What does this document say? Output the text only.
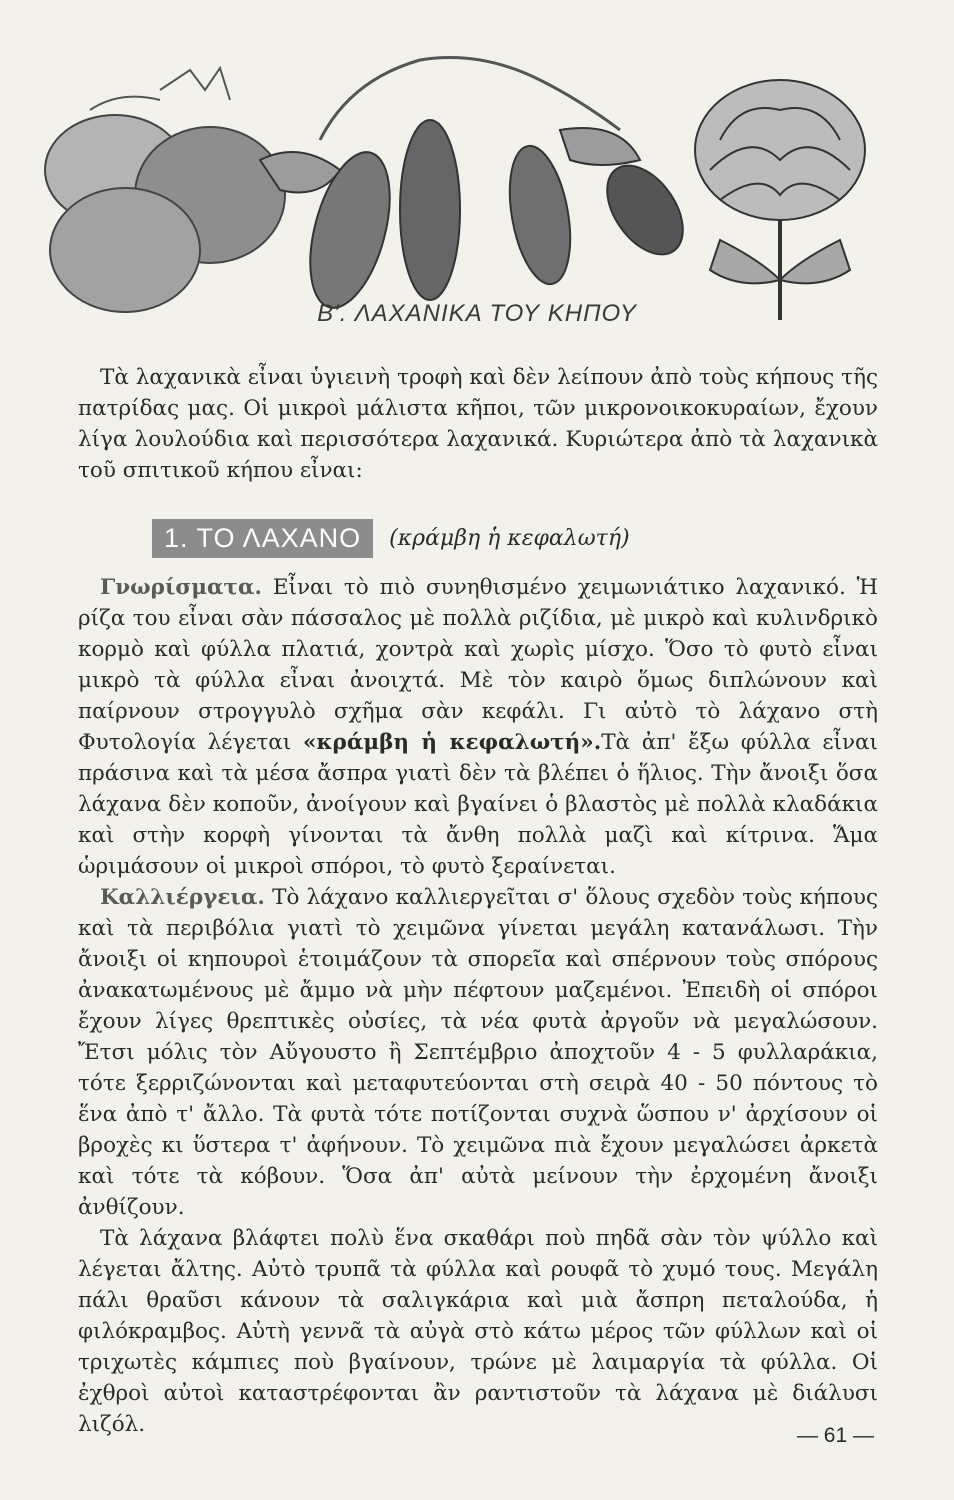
Β'. ΛΑΧΑΝΙΚΑ ΤΟΥ ΚΗΠΟΥ

Τὰ λαχανικὰ εἶναι ὑγιεινὴ τροφὴ καὶ δὲν λείπουν ἀπὸ τοὺς κήπους τῆς πατρίδας μας. Οἱ μικροὶ μάλιστα κῆποι, τῶν μικρονοικοκυραίων, ἔχουν λίγα λουλούδια καὶ περισσότερα λαχανικά. Κυριώτερα ἀπὸ τὰ λαχανικὰ τοῦ σπιτικοῦ κήπου εἶναι:

1. ΤΟ ΛΑΧΑΝΟ	(κράμβη ἡ κεφαλωτή)

Γνωρίσματα. Εἶναι τὸ πιὸ συνηθισμένο χειμωνιάτικο λαχανικό. Ἡ ρίζα του εἶναι σὰν πάσσαλος μὲ πολλὰ ριζίδια, μὲ μικρὸ καὶ κυλινδρικὸ κορμὸ καὶ φύλλα πλατιά, χοντρὰ καὶ χωρὶς μίσχο. Ὅσο τὸ φυτὸ εἶναι μικρὸ τὰ φύλλα εἶναι ἀνοιχτά. Μὲ τὸν καιρὸ ὅμως διπλώνουν καὶ παίρνουν στρογγυλὸ σχῆμα σὰν κεφάλι. Γι αὐτὸ τὸ λάχανο στὴ Φυτολογία λέγεται «κράμβη ἡ κεφαλωτή».Τὰ ἀπ' ἔξω φύλλα εἶναι πράσινα καὶ τὰ μέσα ἄσπρα γιατὶ δὲν τὰ βλέπει ὁ ἥλιος. Τὴν ἄνοιξι ὅσα λάχανα δὲν κοποῦν, ἀνοίγουν καὶ βγαίνει ὁ βλαστὸς μὲ πολλὰ κλαδάκια καὶ στὴν κορφὴ γίνονται τὰ ἄνθη πολλὰ μαζὶ καὶ κίτρινα. Ἅμα ὡριμάσουν οἱ μικροὶ σπόροι, τὸ φυτὸ ξεραίνεται.

Καλλιέργεια. Τὸ λάχανο καλλιεργεῖται σ' ὅλους σχεδὸν τοὺς κήπους καὶ τὰ περιβόλια γιατὶ τὸ χειμῶνα γίνεται μεγάλη κατανάλωσι. Τὴν ἄνοιξι οἱ κηπουροὶ ἑτοιμάζουν τὰ σπορεῖα καὶ σπέρνουν τοὺς σπόρους ἀνακατωμένους μὲ ἄμμο νὰ μὴν πέφτουν μαζεμένοι. Ἐπειδὴ οἱ σπόροι ἔχουν λίγες θρεπτικὲς οὐσίες, τὰ νέα φυτὰ ἀργοῦν νὰ μεγαλώσουν. Ἔτσι μόλις τὸν Αὔγουστο ἢ Σεπτέμβριο ἀποχτοῦν 4 - 5 φυλλαράκια, τότε ξερριζώνονται καὶ μεταφυτεύονται στὴ σειρὰ 40 - 50 πόντους τὸ ἕνα ἀπὸ τ' ἄλλο. Τὰ φυτὰ τότε ποτίζονται συχνὰ ὥσπου ν' ἀρχίσουν οἱ βροχὲς κι ὕστερα τ' ἀφήνουν. Τὸ χειμῶνα πιὰ ἔχουν μεγαλώσει ἀρκετὰ καὶ τότε τὰ κόβουν. Ὅσα ἀπ' αὐτὰ μείνουν τὴν ἐρχομένη ἄνοιξι ἀνθίζουν.

Τὰ λάχανα βλάφτει πολὺ ἕνα σκαθάρι ποὺ πηδᾶ σὰν τὸν ψύλλο καὶ λέγεται ἄλτης. Αὐτὸ τρυπᾶ τὰ φύλλα καὶ ρουφᾶ τὸ χυμό τους. Μεγάλη πάλι θραῦσι κάνουν τὰ σαλιγκάρια καὶ μιὰ ἄσπρη πεταλούδα, ἡ φιλόκραμβος. Αὐτὴ γεννᾶ τὰ αὐγὰ στὸ κάτω μέρος τῶν φύλλων καὶ οἱ τριχωτὲς κάμπιες ποὺ βγαίνουν, τρώνε μὲ λαιμαργία τὰ φύλλα. Οἱ ἐχθροὶ αὐτοὶ καταστρέφονται ἂν ραντιστοῦν τὰ λάχανα μὲ διάλυσι λιζόλ.	— 61 —
